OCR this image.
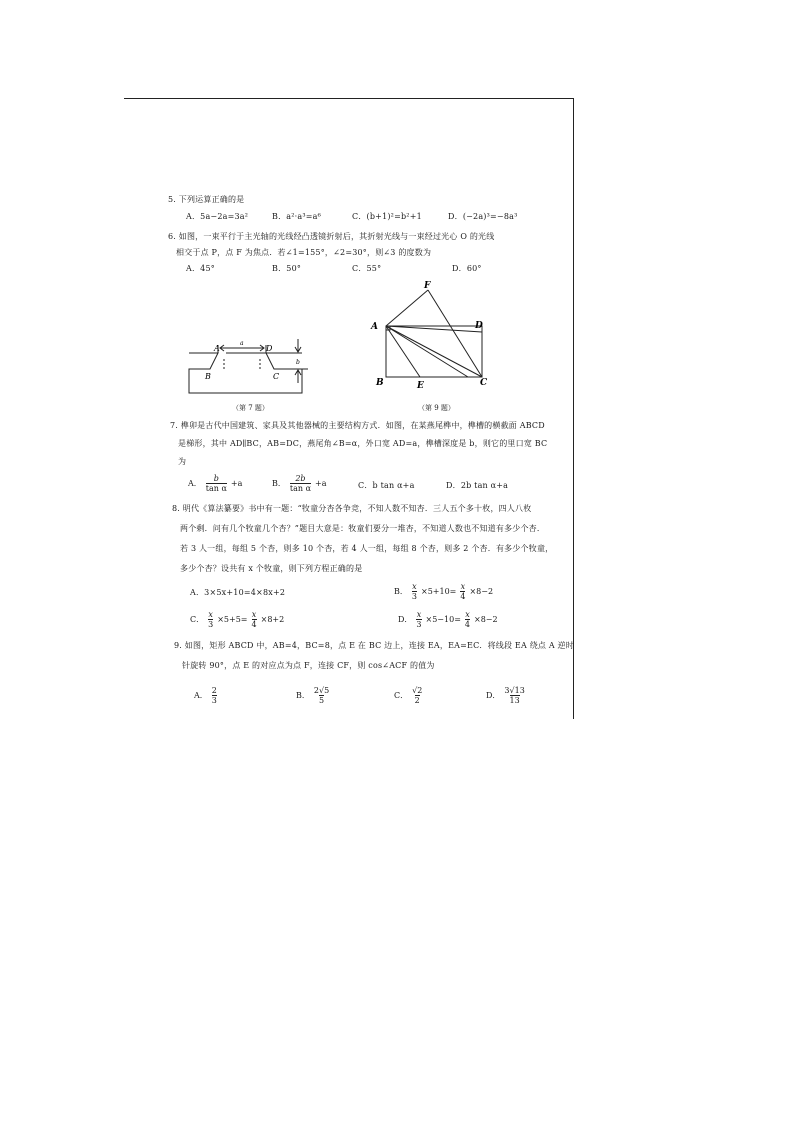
5. 下列运算正确的是
A．5a−2a=3a²	B．a²·a³=a⁶	C．(b+1)²=b²+1	D．(−2a)³=−8a³
6. 如图，一束平行于主光轴的光线经凸透镜折射后，其折射光线与一束经过光心 O 的光线
相交于点 P，点 F 为焦点．若∠1=155°，∠2=30°，则∠3 的度数为
A．45°	B．50°	C．55°	D．60°
A	D
B	C
a
b
（第 7 题）
F
A	D
B	E	C
（第 9 题）
7. 榫卯是古代中国建筑、家具及其他器械的主要结构方式．如图，在某燕尾榫中，榫槽的横截面 ABCD
是梯形，其中 AD∥BC，AB=DC，燕尾角∠B=α，外口宽 AD=a，榫槽深度是 b，则它的里口宽 BC
为
A． $\frac{b}{\text{tan α}} +a$	B． $\frac{2b}{\text{tan α}} +a$	C．b tan α+a	D．2b tan α+a
8. 明代《算法纂要》书中有一题：“牧童分杏各争竞，不知人数不知杏．三人五个多十枚，四人八枚
两个剩．问有几个牧童几个杏？”题目大意是：牧童们要分一堆杏，不知道人数也不知道有多少个杏．
若 3 人一组，每组 5 个杏，则多 10 个杏，若 4 人一组，每组 8 个杏，则多 2 个杏．有多少个牧童，
多少个杏？设共有 x 个牧童，则下列方程正确的是
A．3×5x+10=4×8x+2	B． $\frac{x}{3} \times 5+10= \frac{x}{4} \times 8-2$
C． $\frac{x}{3} \times 5+5= \frac{x}{4} \times 8+2$	D． $\frac{x}{3} \times 5-10= \frac{x}{4} \times 8-2$
9. 如图，矩形 ABCD 中，AB=4，BC=8，点 E 在 BC 边上，连接 EA，EA=EC．将线段 EA 绕点 A 逆时
针旋转 90°，点 E 的对应点为点 F，连接 CF，则 cos∠ACF 的值为
A． $\frac{2}{3}$	B． $\frac{2√5}{5}$	C． $\frac{√2}{2}$	D． $\frac{3√13}{13}$
